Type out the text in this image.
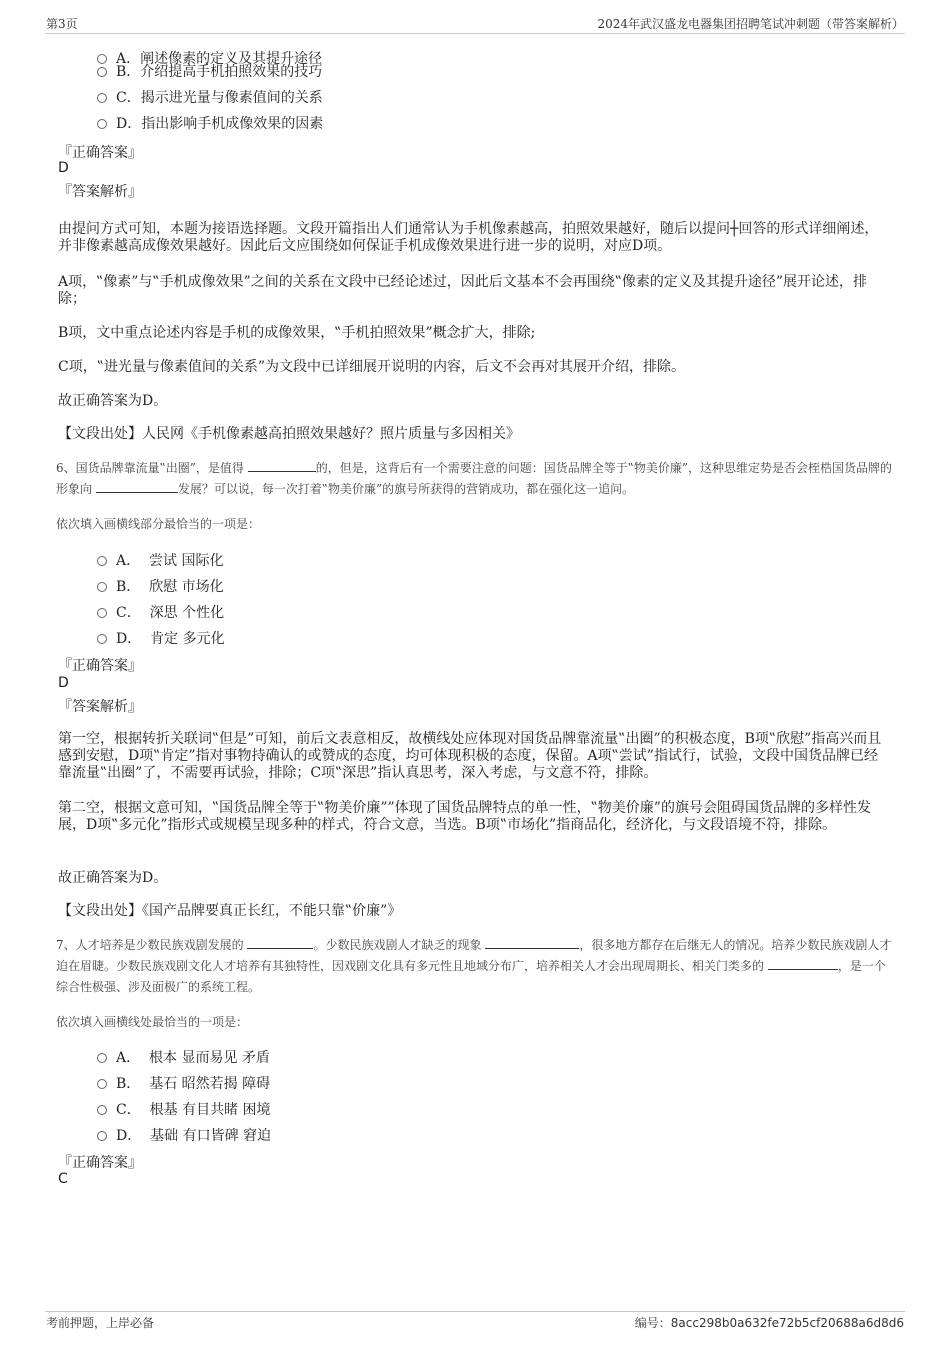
第3页	2024年武汉盛龙电器集团招聘笔试冲刺题（带答案解析）
A．阐述像素的定义及其提升途径
B．介绍提高手机拍照效果的技巧
C．揭示进光量与像素值间的关系
D．指出影响手机成像效果的因素
『正确答案』
D
『答案解析』
由提问方式可知，本题为接语选择题。文段开篇指出人们通常认为手机像素越高，拍照效果越好，随后以提问┼回答的形式详细阐述，并非像素越高成像效果越好。因此后文应围绕如何保证手机成像效果进行进一步的说明，对应D项。
A项，‟像素”与‟手机成像效果”之间的关系在文段中已经论述过，因此后文基本不会再围绕‟像素的定义及其提升途径”展开论述，排除；
B项，文中重点论述内容是手机的成像效果，‟手机拍照效果”概念扩大，排除;
C项，‟进光量与像素值间的关系”为文段中已详细展开说明的内容，后文不会再对其展开介绍，排除。
故正确答案为D。
【文段出处】人民网《手机像素越高拍照效果越好？照片质量与多因相关》
6、国货品牌靠流量‟出圈”，是值得	的，但是，这背后有一个需要注意的问题：国货品牌全等于‟物美价廉”，这种思维定势是否会桎梏国货品牌的形象向	发展？可以说，每一次打着‟物美价廉”的旗号所获得的营销成功，都在强化这一追问。
依次填入画横线部分最恰当的一项是：
A． 尝试 国际化
B． 欣慰 市场化
C． 深思 个性化
D． 肯定 多元化
『正确答案』
D
『答案解析』
第一空，根据转折关联词‟但是”可知，前后文表意相反，故横线处应体现对国货品牌靠流量‟出圈”的积极态度，B项‟欣慰”指高兴而且感到安慰，D项‟肯定”指对事物持确认的或赞成的态度，均可体现积极的态度，保留。A项‟尝试”指试行，试验，文段中国货品牌已经靠流量‟出圈”了，不需要再试验，排除；C项‟深思”指认真思考，深入考虑，与文意不符，排除。
第二空，根据文意可知，‟国货品牌全等于‟物美价廉””体现了国货品牌特点的单一性，‟物美价廉”的旗号会阻碍国货品牌的多样性发展，D项‟多元化”指形式或规模呈现多种的样式，符合文意，当选。B项‟市场化”指商品化，经济化，与文段语境不符，排除。
故正确答案为D。
【文段出处】《国产品牌要真正长红，不能只靠‟价廉”》
7、人才培养是少数民族戏剧发展的	。少数民族戏剧人才缺乏的现象	，很多地方都存在后继无人的情况。培养少数民族戏剧人才迫在眉睫。少数民族戏剧文化人才培养有其独特性，因戏剧文化具有多元性且地域分布广，培养相关人才会出现周期长、相关门类多的	，是一个综合性极强、涉及面极广的系统工程。
依次填入画横线处最恰当的一项是：
A． 根本 显而易见 矛盾
B． 基石 昭然若揭 障碍
C． 根基 有目共睹 困境
D． 基础 有口皆碑 窘迫
『正确答案』
C
考前押题，上岸必备	编号：8acc298b0a632fe72b5cf20688a6d8d6
